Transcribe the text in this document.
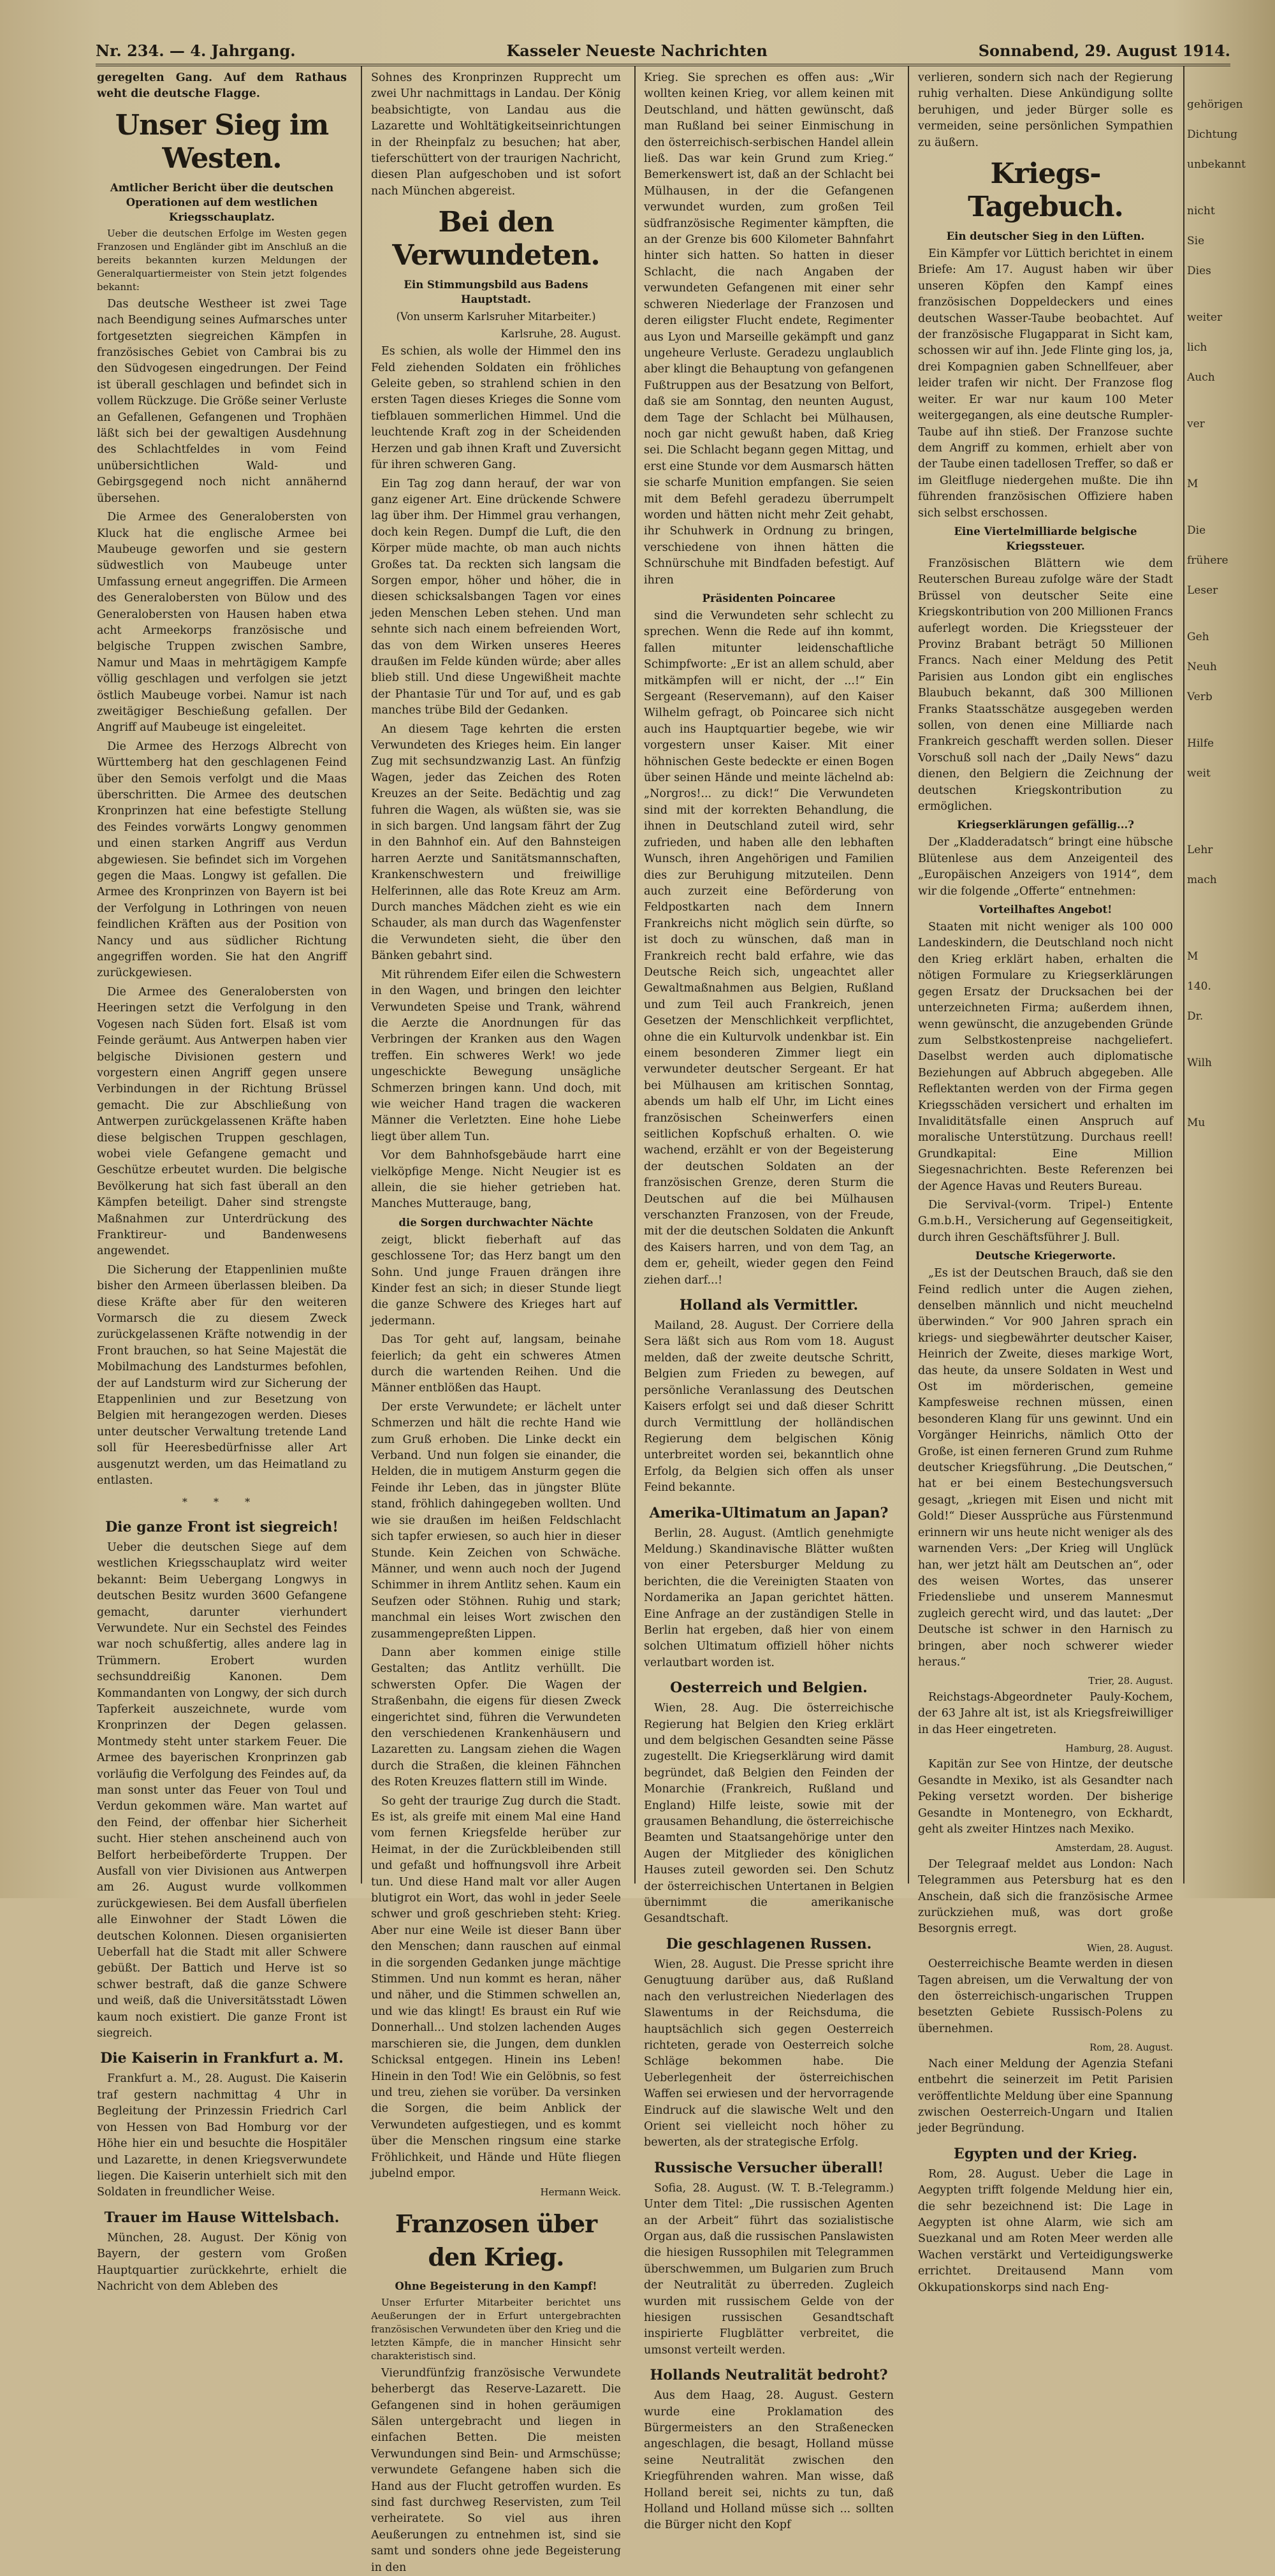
Nr. 234. — 4. Jahrgang.	Kasseler Neueste Nachrichten	Sonnabend, 29. August 1914.

geregelten Gang. Auf dem Rathaus weht die deutsche Flagge.

Unser Sieg im Westen.
Amtlicher Bericht über die deutschen Operationen auf dem westlichen Kriegsschauplatz.

Ueber die deutschen Erfolge im Westen gegen Franzosen und Engländer gibt im Anschluß an die bereits bekannten kurzen Meldungen der Generalquartiermeister von Stein jetzt folgendes bekannt:

Das deutsche Westheer ist zwei Tage nach Beendigung seines Aufmarsches unter fortgesetzten siegreichen Kämpfen in französisches Gebiet von Cambrai bis zu den Südvogesen eingedrungen. Der Feind ist überall geschlagen und befindet sich in vollem Rückzuge. Die Größe seiner Verluste an Gefallenen, Gefangenen und Trophäen läßt sich bei der gewaltigen Ausdehnung des Schlachtfeldes in vom Feind unübersichtlichen Wald- und Gebirgsgegend noch nicht annähernd übersehen.

Die Armee des Generalobersten von Kluck hat die englische Armee bei Maubeuge geworfen und sie gestern südwestlich von Maubeuge unter Umfassung erneut angegriffen. Die Armeen des Generalobersten von Bülow und des Generalobersten von Hausen haben etwa acht Armeekorps französische und belgische Truppen zwischen Sambre, Namur und Maas in mehrtägigem Kampfe völlig geschlagen und verfolgen sie jetzt östlich Maubeuge vorbei. Namur ist nach zweitägiger Beschießung gefallen. Der Angriff auf Maubeuge ist eingeleitet.

Die Armee des Herzogs Albrecht von Württemberg hat den geschlagenen Feind über den Semois verfolgt und die Maas überschritten. Die Armee des deutschen Kronprinzen hat eine befestigte Stellung des Feindes vorwärts Longwy genommen und einen starken Angriff aus Verdun abgewiesen. Sie befindet sich im Vorgehen gegen die Maas. Longwy ist gefallen. Die Armee des Kronprinzen von Bayern ist bei der Verfolgung in Lothringen von neuen feindlichen Kräften aus der Position von Nancy und aus südlicher Richtung angegriffen worden. Sie hat den Angriff zurückgewiesen.

Die Armee des Generalobersten von Heeringen setzt die Verfolgung in den Vogesen nach Süden fort. Elsaß ist vom Feinde geräumt. Aus Antwerpen haben vier belgische Divisionen gestern und vorgestern einen Angriff gegen unsere Verbindungen in der Richtung Brüssel gemacht. Die zur Abschließung von Antwerpen zurückgelassenen Kräfte haben diese belgischen Truppen geschlagen, wobei viele Gefangene gemacht und Geschütze erbeutet wurden. Die belgische Bevölkerung hat sich fast überall an den Kämpfen beteiligt. Daher sind strengste Maßnahmen zur Unterdrückung des Franktireur- und Bandenwesens angewendet.

Die Sicherung der Etappenlinien mußte bisher den Armeen überlassen bleiben. Da diese Kräfte aber für den weiteren Vormarsch die zu diesem Zweck zurückgelassenen Kräfte notwendig in der Front brauchen, so hat Seine Majestät die Mobilmachung des Landsturmes befohlen, der auf Landsturm wird zur Sicherung der Etappenlinien und zur Besetzung von Belgien mit herangezogen werden. Dieses unter deutscher Verwaltung tretende Land soll für Heeresbedürfnisse aller Art ausgenutzt werden, um das Heimatland zu entlasten.

* * *
Die ganze Front ist siegreich!

Ueber die deutschen Siege auf dem westlichen Kriegsschauplatz wird weiter bekannt: Beim Uebergang Longwys in deutschen Besitz wurden 3600 Gefangene gemacht, darunter vierhundert Verwundete. Nur ein Sechstel des Feindes war noch schußfertig, alles andere lag in Trümmern. Erobert wurden sechsunddreißig Kanonen. Dem Kommandanten von Longwy, der sich durch Tapferkeit auszeichnete, wurde vom Kronprinzen der Degen gelassen. Montmedy steht unter starkem Feuer. Die Armee des bayerischen Kronprinzen gab vorläufig die Verfolgung des Feindes auf, da man sonst unter das Feuer von Toul und Verdun gekommen wäre. Man wartet auf den Feind, der offenbar hier Sicherheit sucht. Hier stehen anscheinend auch von Belfort herbeibeförderte Truppen. Der Ausfall von vier Divisionen aus Antwerpen am 26. August wurde vollkommen zurückgewiesen. Bei dem Ausfall überfielen alle Einwohner der Stadt Löwen die deutschen Kolonnen. Diesen organisierten Ueberfall hat die Stadt mit aller Schwere gebüßt. Der Battich und Herve ist so schwer bestraft, daß die ganze Schwere und weiß, daß die Universitätsstadt Löwen kaum noch existiert. Die ganze Front ist siegreich.

Die Kaiserin in Frankfurt a. M.

Frankfurt a. M., 28. August. Die Kaiserin traf gestern nachmittag 4 Uhr in Begleitung der Prinzessin Friedrich Carl von Hessen von Bad Homburg vor der Höhe hier ein und besuchte die Hospitäler und Lazarette, in denen Kriegsverwundete liegen. Die Kaiserin unterhielt sich mit den Soldaten in freundlicher Weise.

Trauer im Hause Wittelsbach.

München, 28. August. Der König von Bayern, der gestern vom Großen Hauptquartier zurückkehrte, erhielt die Nachricht von dem Ableben des

Sohnes des Kronprinzen Rupprecht um zwei Uhr nachmittags in Landau. Der König beabsichtigte, von Landau aus die Lazarette und Wohltätigkeitseinrichtungen in der Rheinpfalz zu besuchen; hat aber, tieferschüttert von der traurigen Nachricht, diesen Plan aufgeschoben und ist sofort nach München abgereist.

Bei den Verwundeten.
Ein Stimmungsbild aus Badens Hauptstadt.
(Von unserm Karlsruher Mitarbeiter.)
Karlsruhe, 28. August.

Es schien, als wolle der Himmel den ins Feld ziehenden Soldaten ein fröhliches Geleite geben, so strahlend schien in den ersten Tagen dieses Krieges die Sonne vom tiefblauen sommerlichen Himmel. Und die leuchtende Kraft zog in der Scheidenden Herzen und gab ihnen Kraft und Zuversicht für ihren schweren Gang.

Ein Tag zog dann herauf, der war von ganz eigener Art. Eine drückende Schwere lag über ihm. Der Himmel grau verhangen, doch kein Regen. Dumpf die Luft, die den Körper müde machte, ob man auch nichts Großes tat. Da reckten sich langsam die Sorgen empor, höher und höher, die in diesen schicksalsbangen Tagen vor eines jeden Menschen Leben stehen. Und man sehnte sich nach einem befreienden Wort, das von dem Wirken unseres Heeres draußen im Felde künden würde; aber alles blieb still. Und diese Ungewißheit machte der Phantasie Tür und Tor auf, und es gab manches trübe Bild der Gedanken.

An diesem Tage kehrten die ersten Verwundeten des Krieges heim. Ein langer Zug mit sechsundzwanzig Last. An fünfzig Wagen, jeder das Zeichen des Roten Kreuzes an der Seite. Bedächtig und zag fuhren die Wagen, als wüßten sie, was sie in sich bargen. Und langsam fährt der Zug in den Bahnhof ein. Auf den Bahnsteigen harren Aerzte und Sanitätsmannschaften, Krankenschwestern und freiwillige Helferinnen, alle das Rote Kreuz am Arm. Durch manches Mädchen zieht es wie ein Schauder, als man durch das Wagenfenster die Verwundeten sieht, die über den Bänken gebahrt sind.

Mit rührendem Eifer eilen die Schwestern in den Wagen, und bringen den leichter Verwundeten Speise und Trank, während die Aerzte die Anordnungen für das Verbringen der Kranken aus den Wagen treffen. Ein schweres Werk! wo jede ungeschickte Bewegung unsägliche Schmerzen bringen kann. Und doch, mit wie weicher Hand tragen die wackeren Männer die Verletzten. Eine hohe Liebe liegt über allem Tun.

Vor dem Bahnhofsgebäude harrt eine vielköpfige Menge. Nicht Neugier ist es allein, die sie hieher getrieben hat. Manches Mutterauge, bang,

die Sorgen durchwachter Nächte

zeigt, blickt fieberhaft auf das geschlossene Tor; das Herz bangt um den Sohn. Und junge Frauen drängen ihre Kinder fest an sich; in dieser Stunde liegt die ganze Schwere des Krieges hart auf jedermann.

Das Tor geht auf, langsam, beinahe feierlich; da geht ein schweres Atmen durch die wartenden Reihen. Und die Männer entblößen das Haupt.

Der erste Verwundete; er lächelt unter Schmerzen und hält die rechte Hand wie zum Gruß erhoben. Die Linke deckt ein Verband. Und nun folgen sie einander, die Helden, die in mutigem Ansturm gegen die Feinde ihr Leben, das in jüngster Blüte stand, fröhlich dahingegeben wollten. Und wie sie draußen im heißen Feldschlacht sich tapfer erwiesen, so auch hier in dieser Stunde. Kein Zeichen von Schwäche. Männer, und wenn auch noch der Jugend Schimmer in ihrem Antlitz sehen. Kaum ein Seufzen oder Stöhnen. Ruhig und stark; manchmal ein leises Wort zwischen den zusammengepreßten Lippen.

Dann aber kommen einige stille Gestalten; das Antlitz verhüllt. Die schwersten Opfer. Die Wagen der Straßenbahn, die eigens für diesen Zweck eingerichtet sind, führen die Verwundeten den verschiedenen Krankenhäusern und Lazaretten zu. Langsam ziehen die Wagen durch die Straßen, die kleinen Fähnchen des Roten Kreuzes flattern still im Winde.

So geht der traurige Zug durch die Stadt. Es ist, als greife mit einem Mal eine Hand vom fernen Kriegsfelde herüber zur Heimat, in der die Zurückbleibenden still und gefaßt und hoffnungsvoll ihre Arbeit tun. Und diese Hand malt vor aller Augen blutigrot ein Wort, das wohl in jeder Seele schwer und groß geschrieben steht: Krieg. Aber nur eine Weile ist dieser Bann über den Menschen; dann rauschen auf einmal in die sorgenden Gedanken junge mächtige Stimmen. Und nun kommt es heran, näher und näher, und die Stimmen schwellen an, und wie das klingt! Es braust ein Ruf wie Donnerhall... Und stolzen lachenden Auges marschieren sie, die Jungen, dem dunklen Schicksal entgegen. Hinein ins Leben! Hinein in den Tod! Wie ein Gelöbnis, so fest und treu, ziehen sie vorüber. Da versinken die Sorgen, die beim Anblick der Verwundeten aufgestiegen, und es kommt über die Menschen ringsum eine starke Fröhlichkeit, und Hände und Hüte fliegen jubelnd empor.

Hermann Weick.
Franzosen über den Krieg.
Ohne Begeisterung in den Kampf!

Unser Erfurter Mitarbeiter berichtet uns Aeußerungen der in Erfurt untergebrachten französischen Verwundeten über den Krieg und die letzten Kämpfe, die in mancher Hinsicht sehr charakteristisch sind.

Vierundfünfzig französische Verwundete beherbergt das Reserve-Lazarett. Die Gefangenen sind in hohen geräumigen Sälen untergebracht und liegen in einfachen Betten. Die meisten Verwundungen sind Bein- und Armschüsse; verwundete Gefangene haben sich die Hand aus der Flucht getroffen wurden. Es sind fast durchweg Reservisten, zum Teil verheiratete. So viel aus ihren Aeußerungen zu entnehmen ist, sind sie samt und sonders ohne jede Begeisterung in den

Krieg. Sie sprechen es offen aus: „Wir wollten keinen Krieg, vor allem keinen mit Deutschland, und hätten gewünscht, daß man Rußland bei seiner Einmischung in den österreichisch-serbischen Handel allein ließ. Das war kein Grund zum Krieg.“ Bemerkenswert ist, daß an der Schlacht bei Mülhausen, in der die Gefangenen verwundet wurden, zum großen Teil südfranzösische Regimenter kämpften, die an der Grenze bis 600 Kilometer Bahnfahrt hinter sich hatten. So hatten in dieser Schlacht, die nach Angaben der verwundeten Gefangenen mit einer sehr schweren Niederlage der Franzosen und deren eiligster Flucht endete, Regimenter aus Lyon und Marseille gekämpft und ganz ungeheure Verluste. Geradezu unglaublich aber klingt die Behauptung von gefangenen Fußtruppen aus der Besatzung von Belfort, daß sie am Sonntag, den neunten August, dem Tage der Schlacht bei Mülhausen, noch gar nicht gewußt haben, daß Krieg sei. Die Schlacht begann gegen Mittag, und erst eine Stunde vor dem Ausmarsch hätten sie scharfe Munition empfangen. Sie seien mit dem Befehl geradezu überrumpelt worden und hätten nicht mehr Zeit gehabt, ihr Schuhwerk in Ordnung zu bringen, verschiedene von ihnen hätten die Schnürschuhe mit Bindfaden befestigt. Auf ihren

Präsidenten Poincaree

sind die Verwundeten sehr schlecht zu sprechen. Wenn die Rede auf ihn kommt, fallen mitunter leidenschaftliche Schimpfworte: „Er ist an allem schuld, aber mitkämpfen will er nicht, der ...!“ Ein Sergeant (Reservemann), auf den Kaiser Wilhelm gefragt, ob Poincaree sich nicht auch ins Hauptquartier begebe, wie wir vorgestern unser Kaiser. Mit einer höhnischen Geste bedeckte er einen Bogen über seinen Hände und meinte lächelnd ab: „Norgros!... zu dick!“ Die Verwundeten sind mit der korrekten Behandlung, die ihnen in Deutschland zuteil wird, sehr zufrieden, und haben alle den lebhaften Wunsch, ihren Angehörigen und Familien dies zur Beruhigung mitzuteilen. Denn auch zurzeit eine Beförderung von Feldpostkarten nach dem Innern Frankreichs nicht möglich sein dürfte, so ist doch zu wünschen, daß man in Frankreich recht bald erfahre, wie das Deutsche Reich sich, ungeachtet aller Gewaltmaßnahmen aus Belgien, Rußland und zum Teil auch Frankreich, jenen Gesetzen der Menschlichkeit verpflichtet, ohne die ein Kulturvolk undenkbar ist. Ein einem besonderen Zimmer liegt ein verwundeter deutscher Sergeant. Er hat bei Mülhausen am kritischen Sonntag, abends um halb elf Uhr, im Licht eines französischen Scheinwerfers einen seitlichen Kopfschuß erhalten. O. wie wachend, erzählt er von der Begeisterung der deutschen Soldaten an der französischen Grenze, deren Sturm die Deutschen auf die bei Mülhausen verschanzten Franzosen, von der Freude, mit der die deutschen Soldaten die Ankunft des Kaisers harren, und von dem Tag, an dem er, geheilt, wieder gegen den Feind ziehen darf...!

Holland als Vermittler.

Mailand, 28. August. Der Corriere della Sera läßt sich aus Rom vom 18. August melden, daß der zweite deutsche Schritt, Belgien zum Frieden zu bewegen, auf persönliche Veranlassung des Deutschen Kaisers erfolgt sei und daß dieser Schritt durch Vermittlung der holländischen Regierung dem belgischen König unterbreitet worden sei, bekanntlich ohne Erfolg, da Belgien sich offen als unser Feind bekannte.

Amerika-Ultimatum an Japan?

Berlin, 28. August. (Amtlich genehmigte Meldung.) Skandinavische Blätter wußten von einer Petersburger Meldung zu berichten, die die Vereinigten Staaten von Nordamerika an Japan gerichtet hätten. Eine Anfrage an der zuständigen Stelle in Berlin hat ergeben, daß hier von einem solchen Ultimatum offiziell höher nichts verlautbart worden ist.

Oesterreich und Belgien.

Wien, 28. Aug. Die österreichische Regierung hat Belgien den Krieg erklärt und dem belgischen Gesandten seine Pässe zugestellt. Die Kriegserklärung wird damit begründet, daß Belgien den Feinden der Monarchie (Frankreich, Rußland und England) Hilfe leiste, sowie mit der grausamen Behandlung, die österreichische Beamten und Staatsangehörige unter den Augen der Mitglieder des königlichen Hauses zuteil geworden sei. Den Schutz der österreichischen Untertanen in Belgien übernimmt die amerikanische Gesandtschaft.

Die geschlagenen Russen.

Wien, 28. August. Die Presse spricht ihre Genugtuung darüber aus, daß Rußland nach den verlustreichen Niederlagen des Slawentums in der Reichsduma, die hauptsächlich sich gegen Oesterreich richteten, gerade von Oesterreich solche Schläge bekommen habe. Die Ueberlegenheit der österreichischen Waffen sei erwiesen und der hervorragende Eindruck auf die slawische Welt und den Orient sei vielleicht noch höher zu bewerten, als der strategische Erfolg.

Russische Versucher überall!

Sofia, 28. August. (W. T. B.-Telegramm.) Unter dem Titel: „Die russischen Agenten an der Arbeit“ führt das sozialistische Organ aus, daß die russischen Panslawisten die hiesigen Russophilen mit Telegrammen überschwemmen, um Bulgarien zum Bruch der Neutralität zu überreden. Zugleich wurden mit russischem Gelde von der hiesigen russischen Gesandtschaft inspirierte Flugblätter verbreitet, die umsonst verteilt werden.

Hollands Neutralität bedroht?

Aus dem Haag, 28. August. Gestern wurde eine Proklamation des Bürgermeisters an den Straßenecken angeschlagen, die besagt, Holland müsse seine Neutralität zwischen den Kriegführenden wahren. Man wisse, daß Holland bereit sei, nichts zu tun, daß Holland und Holland müsse sich ... sollten die Bürger nicht den Kopf

verlieren, sondern sich nach der Regierung ruhig verhalten. Diese Ankündigung sollte beruhigen, und jeder Bürger solle es vermeiden, seine persönlichen Sympathien zu äußern.

Kriegs-Tagebuch.
Ein deutscher Sieg in den Lüften.

Ein Kämpfer vor Lüttich berichtet in einem Briefe: Am 17. August haben wir über unseren Köpfen den Kampf eines französischen Doppeldeckers und eines deutschen Wasser-Taube beobachtet. Auf der französische Flugapparat in Sicht kam, schossen wir auf ihn. Jede Flinte ging los, ja, drei Kompagnien gaben Schnellfeuer, aber leider trafen wir nicht. Der Franzose flog weiter. Er war nur kaum 100 Meter weitergegangen, als eine deutsche Rumpler-Taube auf ihn stieß. Der Franzose suchte dem Angriff zu kommen, erhielt aber von der Taube einen tadellosen Treffer, so daß er im Gleitfluge niedergehen mußte. Die ihn führenden französischen Offiziere haben sich selbst erschossen.

Eine Viertelmilliarde belgische Kriegssteuer.

Französischen Blättern wie dem Reuterschen Bureau zufolge wäre der Stadt Brüssel von deutscher Seite eine Kriegskontribution von 200 Millionen Francs auferlegt worden. Die Kriegssteuer der Provinz Brabant beträgt 50 Millionen Francs. Nach einer Meldung des Petit Parisien aus London gibt ein englisches Blaubuch bekannt, daß 300 Millionen Franks Staatsschätze ausgegeben werden sollen, von denen eine Milliarde nach Frankreich geschafft werden sollen. Dieser Vorschuß soll nach der „Daily News“ dazu dienen, den Belgiern die Zeichnung der deutschen Kriegskontribution zu ermöglichen.

Kriegserklärungen gefällig...?

Der „Kladderadatsch“ bringt eine hübsche Blütenlese aus dem Anzeigenteil des „Europäischen Anzeigers von 1914“, dem wir die folgende „Offerte“ entnehmen:

Vorteilhaftes Angebot!

Staaten mit nicht weniger als 100 000 Landeskindern, die Deutschland noch nicht den Krieg erklärt haben, erhalten die nötigen Formulare zu Kriegserklärungen gegen Ersatz der Drucksachen bei der unterzeichneten Firma; außerdem ihnen, wenn gewünscht, die anzugebenden Gründe zum Selbstkostenpreise nachgeliefert. Daselbst werden auch diplomatische Beziehungen auf Abbruch abgegeben. Alle Reflektanten werden von der Firma gegen Kriegsschäden versichert und erhalten im Invaliditätsfalle einen Anspruch auf moralische Unterstützung. Durchaus reell! Grundkapital: Eine Million Siegesnachrichten. Beste Referenzen bei der Agence Havas und Reuters Bureau.

Die Servival-(vorm. Tripel-) Entente G.m.b.H., Versicherung auf Gegenseitigkeit, durch ihren Geschäftsführer J. Bull.

Deutsche Kriegerworte.

„Es ist der Deutschen Brauch, daß sie den Feind redlich unter die Augen ziehen, denselben männlich und nicht meuchelnd überwinden.“ Vor 900 Jahren sprach ein kriegs- und siegbewährter deutscher Kaiser, Heinrich der Zweite, dieses markige Wort, das heute, da unsere Soldaten in West und Ost im mörderischen, gemeine Kampfesweise rechnen müssen, einen besonderen Klang für uns gewinnt. Und ein Vorgänger Heinrichs, nämlich Otto der Große, ist einen ferneren Grund zum Ruhme deutscher Kriegsführung. „Die Deutschen,“ hat er bei einem Bestechungsversuch gesagt, „kriegen mit Eisen und nicht mit Gold!“ Dieser Aussprüche aus Fürstenmund erinnern wir uns heute nicht weniger als des warnenden Vers: „Der Krieg will Unglück han, wer jetzt hält am Deutschen an“, oder des weisen Wortes, das unserer Friedensliebe und unserem Mannesmut zugleich gerecht wird, und das lautet: „Der Deutsche ist schwer in den Harnisch zu bringen, aber noch schwerer wieder heraus.“

Trier, 28. August.

Reichstags-Abgeordneter Pauly-Kochem, der 63 Jahre alt ist, ist als Kriegsfreiwilliger in das Heer eingetreten.

Hamburg, 28. August.

Kapitän zur See von Hintze, der deutsche Gesandte in Mexiko, ist als Gesandter nach Peking versetzt worden. Der bisherige Gesandte in Montenegro, von Eckhardt, geht als zweiter Hintzes nach Mexiko.

Amsterdam, 28. August.

Der Telegraaf meldet aus London: Nach Telegrammen aus Petersburg hat es den Anschein, daß sich die französische Armee zurückziehen muß, was dort große Besorgnis erregt.

Wien, 28. August.

Oesterreichische Beamte werden in diesen Tagen abreisen, um die Verwaltung der von den österreichisch-ungarischen Truppen besetzten Gebiete Russisch-Polens zu übernehmen.

Rom, 28. August.

Nach einer Meldung der Agenzia Stefani entbehrt die seinerzeit im Petit Parisien veröffentlichte Meldung über eine Spannung zwischen Oesterreich-Ungarn und Italien jeder Begründung.

Egypten und der Krieg.

Rom, 28. August. Ueber die Lage in Aegypten trifft folgende Meldung hier ein, die sehr bezeichnend ist: Die Lage in Aegypten ist ohne Alarm, wie sich am Suezkanal und am Roten Meer werden alle Wachen verstärkt und Verteidigungswerke errichtet. Dreitausend Mann vom Okkupationskorps sind nach Eng-

gehörigen

Dichtung

unbekannt

nicht

Sie

Dies

weiter

lich

Auch

ver

M

Die

frühere

Leser

Geh

Neuh

Verb

Hilfe

weit

Lehr

mach

M

140.

Dr.

Wilh

Mu
